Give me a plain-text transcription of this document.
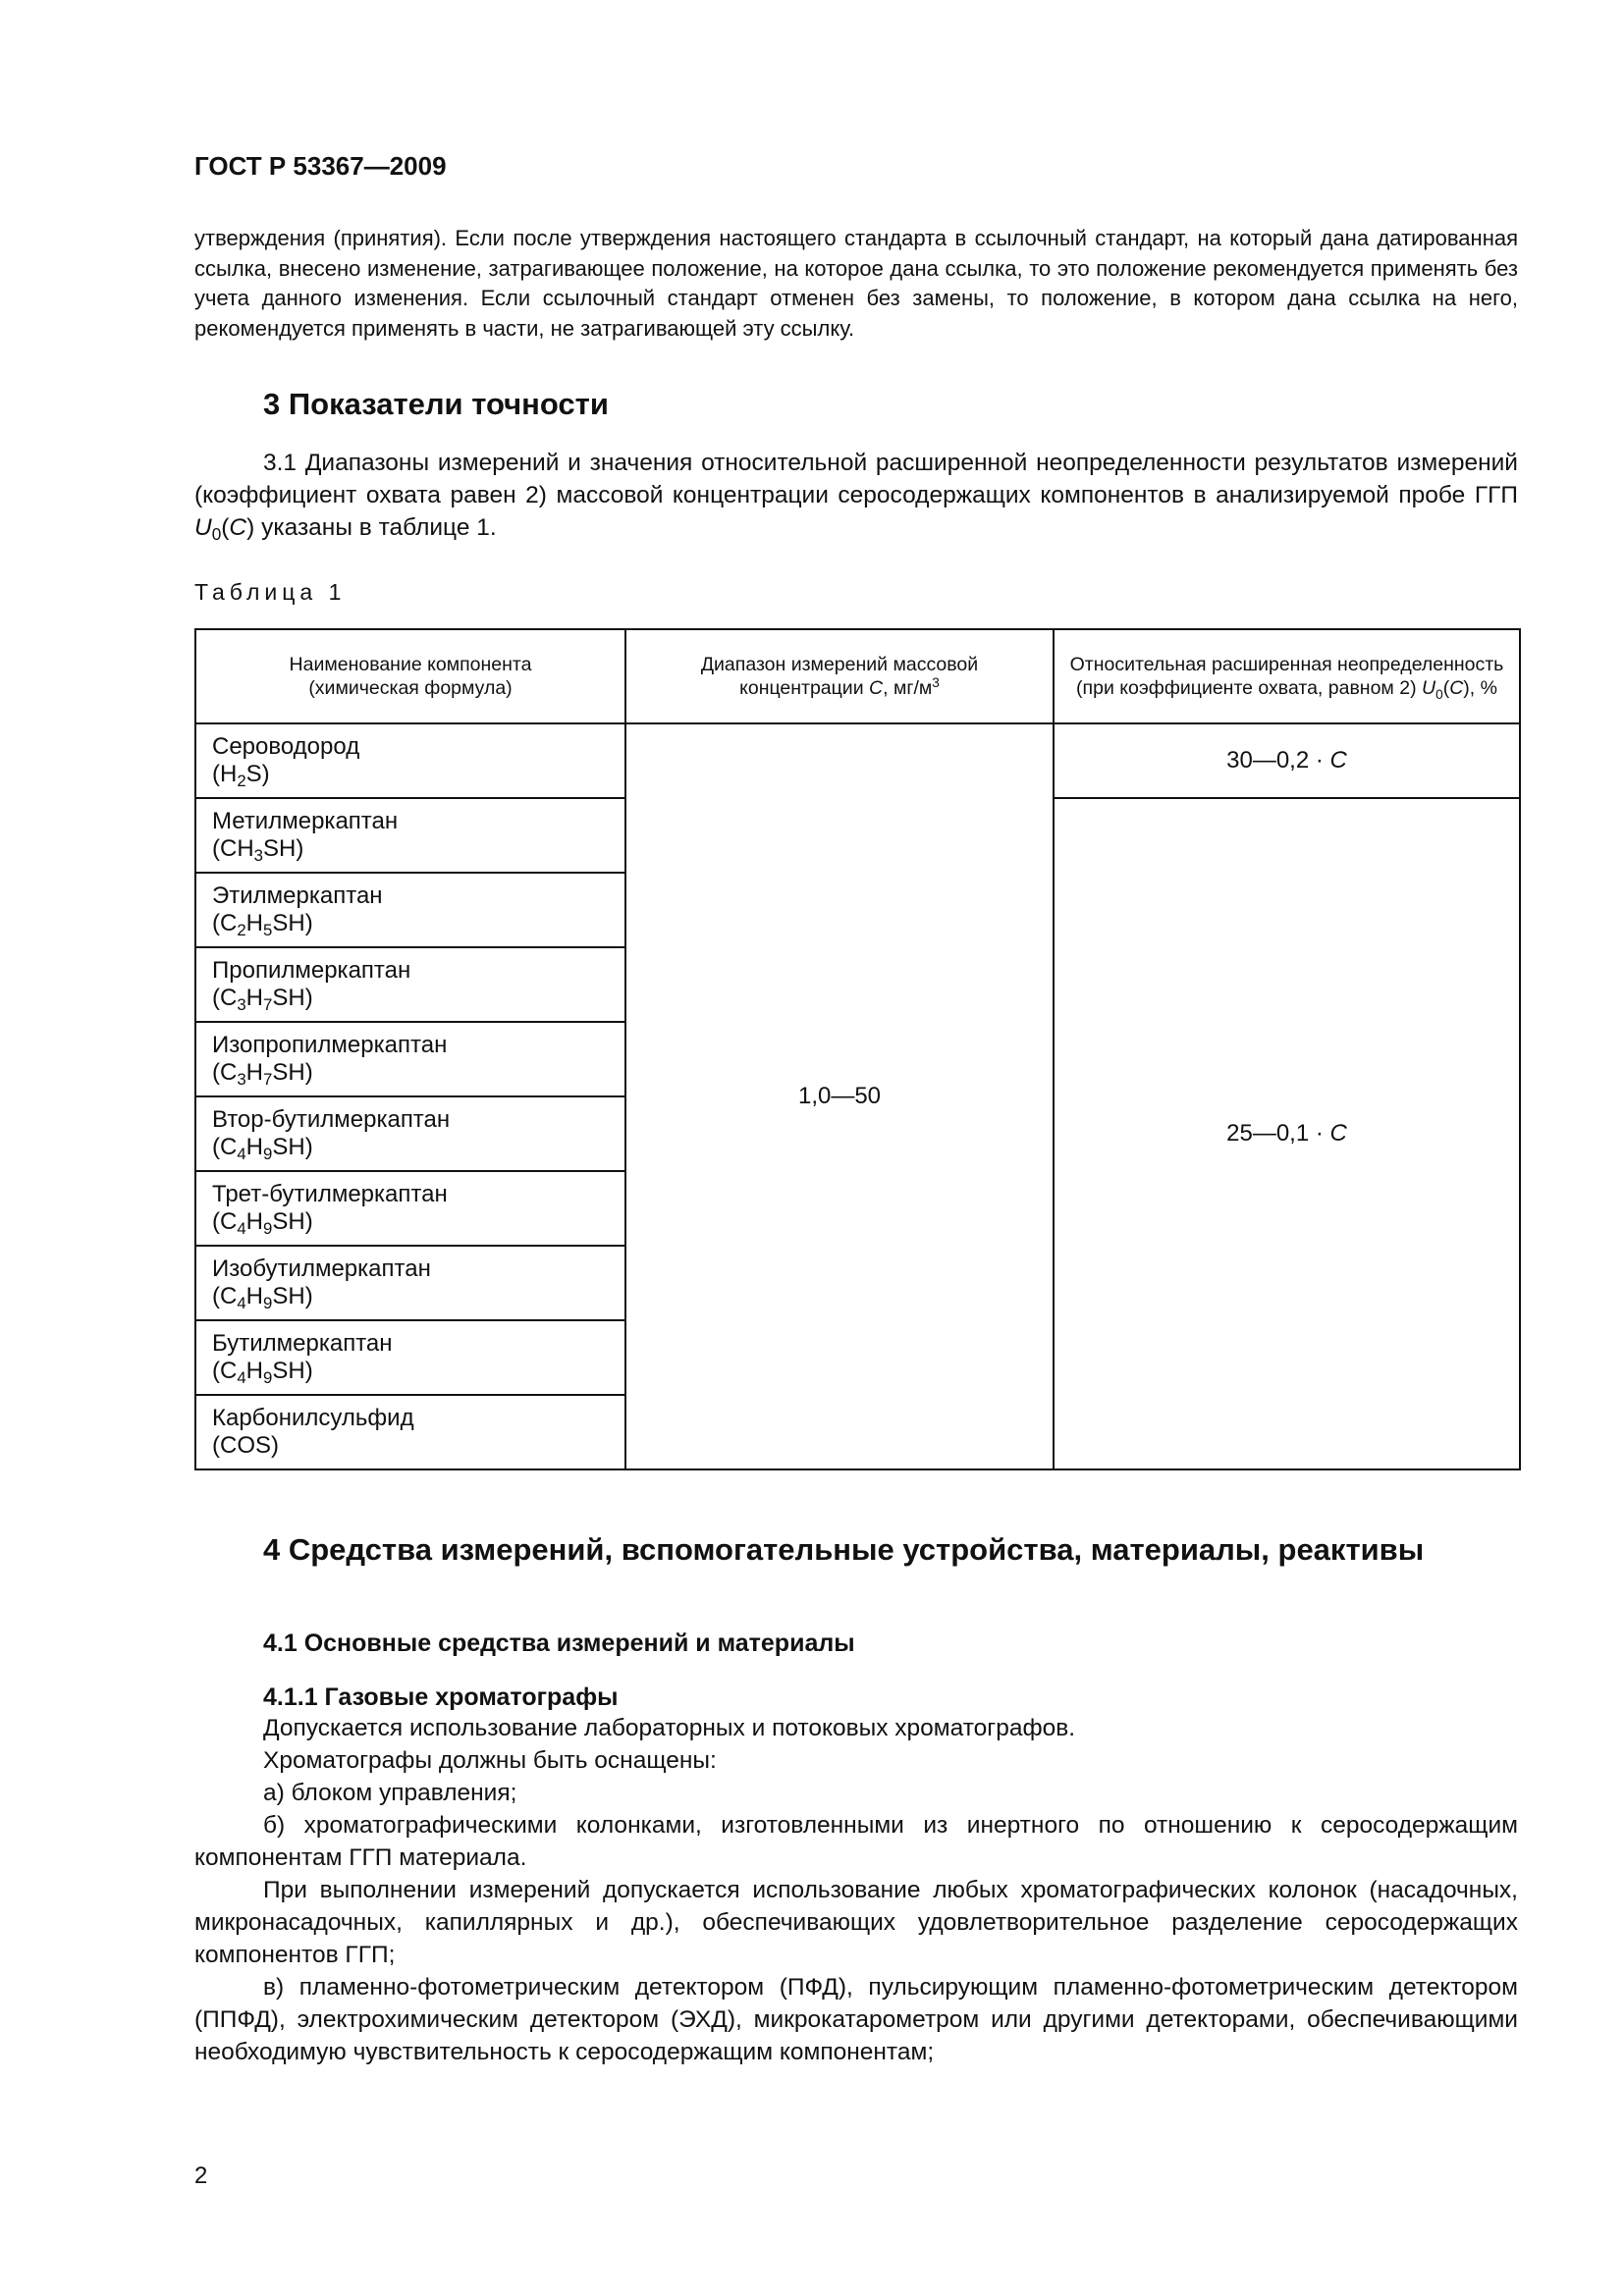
ГОСТ Р 53367—2009
утверждения (принятия). Если после утверждения настоящего стандарта в ссылочный стандарт, на который дана датированная ссылка, внесено изменение, затрагивающее положение, на которое дана ссылка, то это положение рекомендуется применять без учета данного изменения. Если ссылочный стандарт отменен без замены, то положение, в котором дана ссылка на него, рекомендуется применять в части, не затрагивающей эту ссылку.
3 Показатели точности
3.1 Диапазоны измерений и значения относительной расширенной неопределенности результатов измерений (коэффициент охвата равен 2) массовой концентрации серосодержащих компонентов в анализируемой пробе ГГП $U_0(C)$ указаны в таблице 1.
Таблица 1
Наименование компонента (химическая формула)	Диапазон измерений массовой концентрации C, $мг/м^3$	Относительная расширенная неопределенность (при коэффициенте охвата, равном 2) $U_0(C)$, %

Сероводород
$(H_2S)$	1,0—50	30—0,2 · C

Метилмеркаптан
$(CH_3SH)$		25—0,1 · C

Этилмеркаптан
$(C_2H_5SH)$		

Пропилмеркаптан
$(C_3H_7SH)$		

Изопропилмеркаптан
$(C_3H_7SH)$		

Втор-бутилмеркаптан
$(C_4H_9SH)$		

Трет-бутилмеркаптан
$(C_4H_9SH)$		

Изобутилмеркаптан
$(C_4H_9SH)$		

Бутилмеркаптан
$(C_4H_9SH)$		

Карбонилсульфид
(COS)		
4 Средства измерений, вспомогательные устройства, материалы, реактивы
4.1 Основные средства измерений и материалы
4.1.1 Газовые хроматографы
Допускается использование лабораторных и потоковых хроматографов.
Хроматографы должны быть оснащены:
а) блоком управления;
б) хроматографическими колонками, изготовленными из инертного по отношению к серосодержащим компонентам ГГП материала.
При выполнении измерений допускается использование любых хроматографических колонок (насадочных, микронасадочных, капиллярных и др.), обеспечивающих удовлетворительное разделение серосодержащих компонентов ГГП;
в) пламенно-фотометрическим детектором (ПФД), пульсирующим пламенно-фотометрическим детектором (ППФД), электрохимическим детектором (ЭХД), микрокатарометром или другими детекторами, обеспечивающими необходимую чувствительность к серосодержащим компонентам;
2
